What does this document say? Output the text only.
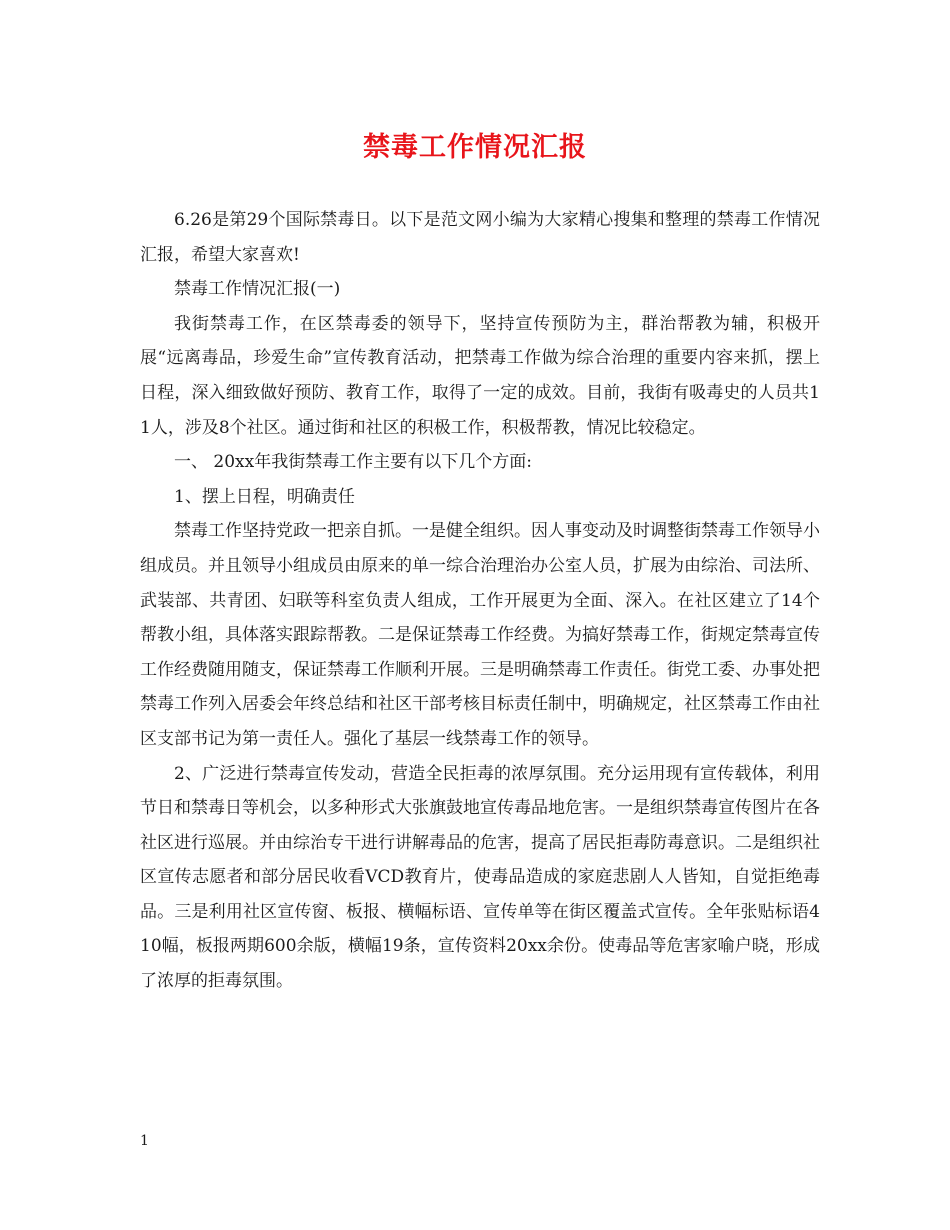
禁毒工作情况汇报

6.26是第29个国际禁毒日。以下是范文网小编为大家精心搜集和整理的禁毒工作情况汇报，希望大家喜欢!

禁毒工作情况汇报(一)

我街禁毒工作，在区禁毒委的领导下，坚持宣传预防为主，群治帮教为辅，积极开展“远离毒品，珍爱生命”宣传教育活动，把禁毒工作做为综合治理的重要内容来抓，摆上日程，深入细致做好预防、教育工作，取得了一定的成效。目前，我街有吸毒史的人员共11人，涉及8个社区。通过街和社区的积极工作，积极帮教，情况比较稳定。

一、 20xx年我街禁毒工作主要有以下几个方面:

1、摆上日程，明确责任

禁毒工作坚持党政一把亲自抓。一是健全组织。因人事变动及时调整街禁毒工作领导小组成员。并且领导小组成员由原来的单一综合治理治办公室人员，扩展为由综治、司法所、武装部、共青团、妇联等科室负责人组成，工作开展更为全面、深入。在社区建立了14个帮教小组，具体落实跟踪帮教。二是保证禁毒工作经费。为搞好禁毒工作，街规定禁毒宣传工作经费随用随支，保证禁毒工作顺利开展。三是明确禁毒工作责任。街党工委、办事处把禁毒工作列入居委会年终总结和社区干部考核目标责任制中，明确规定，社区禁毒工作由社区支部书记为第一责任人。强化了基层一线禁毒工作的领导。

2、广泛进行禁毒宣传发动，营造全民拒毒的浓厚氛围。充分运用现有宣传载体，利用节日和禁毒日等机会，以多种形式大张旗鼓地宣传毒品地危害。一是组织禁毒宣传图片在各社区进行巡展。并由综治专干进行讲解毒品的危害，提高了居民拒毒防毒意识。二是组织社区宣传志愿者和部分居民收看VCD教育片，使毒品造成的家庭悲剧人人皆知，自觉拒绝毒品。三是利用社区宣传窗、板报、横幅标语、宣传单等在街区覆盖式宣传。全年张贴标语410幅，板报两期600余版，横幅19条，宣传资料20xx余份。使毒品等危害家喻户晓，形成了浓厚的拒毒氛围。

1
